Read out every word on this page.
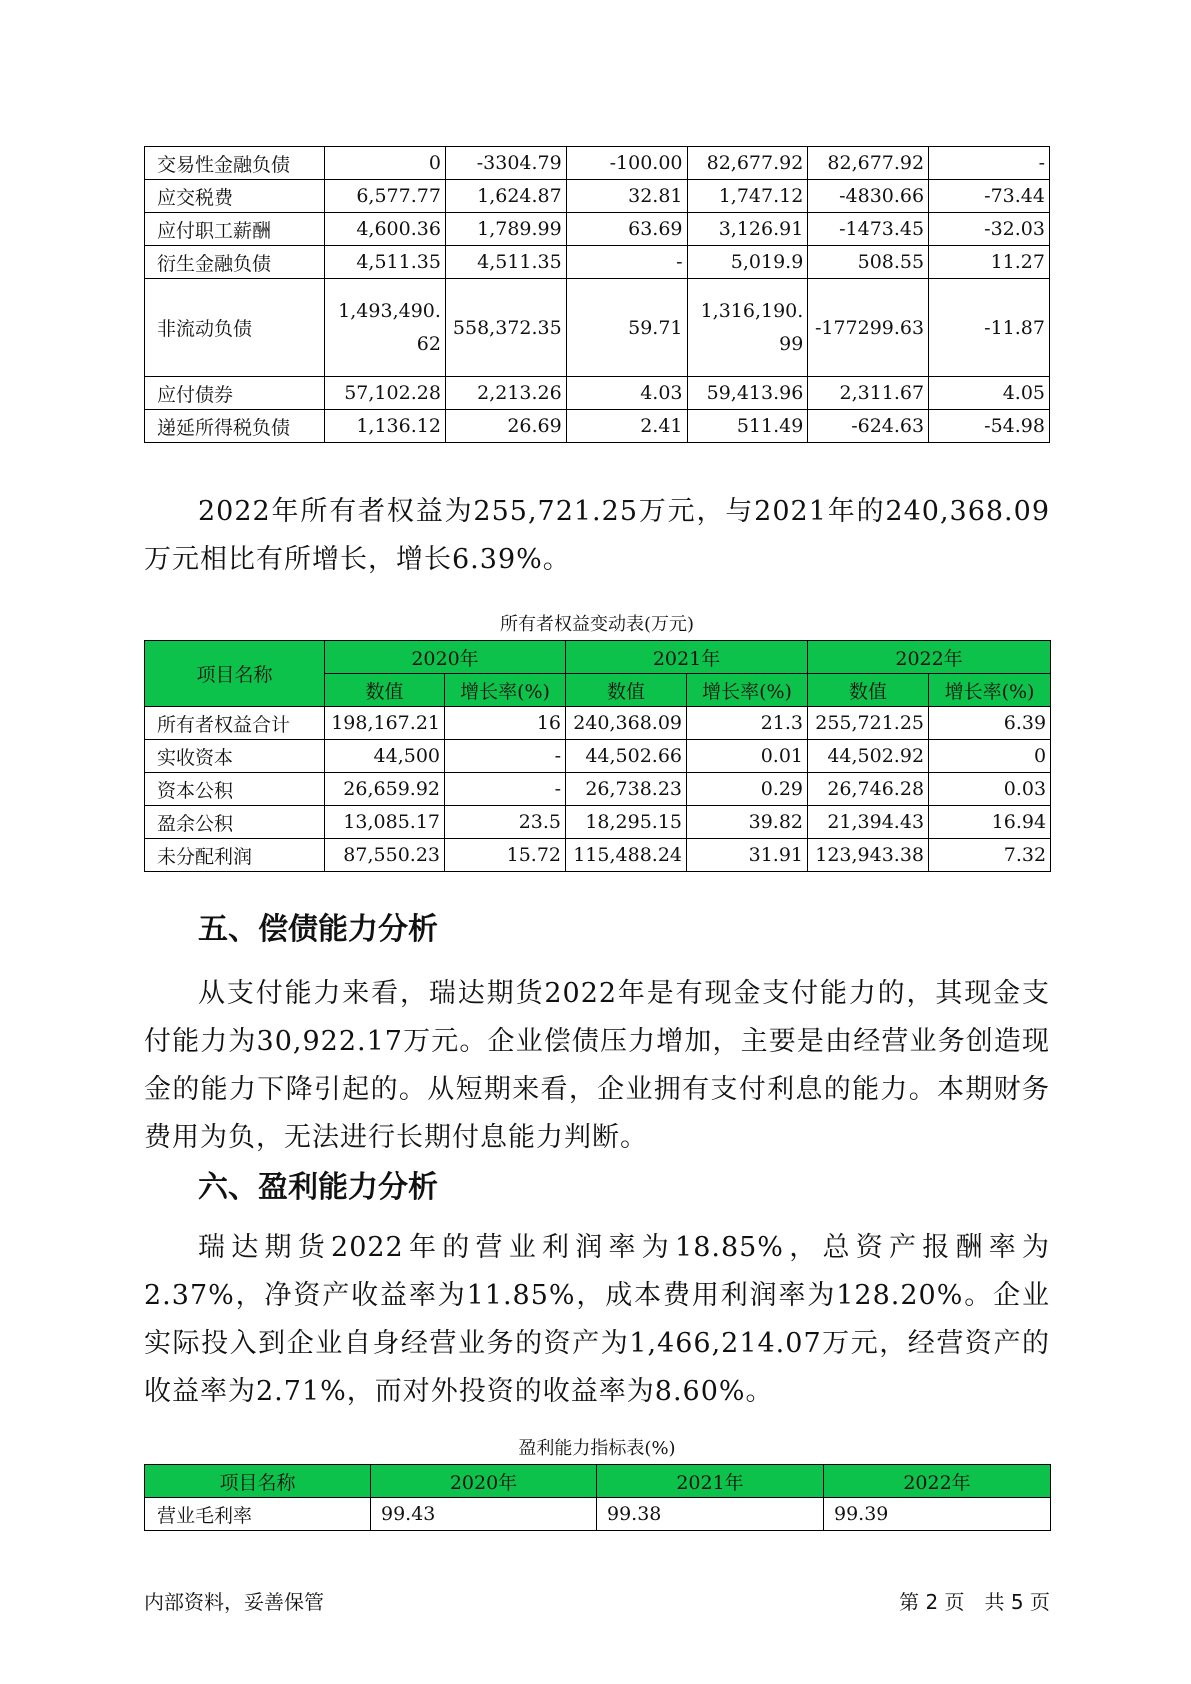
交易性金融负债	0	-3304.79	-100.00	82,677.92	82,677.92	-
应交税费	6,577.77	1,624.87	32.81	1,747.12	-4830.66	-73.44
应付职工薪酬	4,600.36	1,789.99	63.69	3,126.91	-1473.45	-32.03
衍生金融负债	4,511.35	4,511.35	-	5,019.9	508.55	11.27
非流动负债	1,493,490.62	558,372.35	59.71	1,316,190.99	-177299.63	-11.87
应付债券	57,102.28	2,213.26	4.03	59,413.96	2,311.67	4.05
递延所得税负债	1,136.12	26.69	2.41	511.49	-624.63	-54.98

2022年所有者权益为255,721.25万元，与2021年的240,368.09万元相比有所增长，增长6.39%。

所有者权益变动表(万元)
项目名称	2020年		2021年		2022年	
	数值	增长率(%)	数值	增长率(%)	数值	增长率(%)
所有者权益合计	198,167.21	16	240,368.09	21.3	255,721.25	6.39
实收资本	44,500	-	44,502.66	0.01	44,502.92	0
资本公积	26,659.92	-	26,738.23	0.29	26,746.28	0.03
盈余公积	13,085.17	23.5	18,295.15	39.82	21,394.43	16.94
未分配利润	87,550.23	15.72	115,488.24	31.91	123,943.38	7.32
五、偿债能力分析

从支付能力来看，瑞达期货2022年是有现金支付能力的，其现金支付能力为30,922.17万元。企业偿债压力增加，主要是由经营业务创造现金的能力下降引起的。从短期来看，企业拥有支付利息的能力。本期财务费用为负，无法进行长期付息能力判断。

六、盈利能力分析

瑞达期货2022年的营业利润率为18.85%，总资产报酬率为2.37%，净资产收益率为11.85%，成本费用利润率为128.20%。企业实际投入到企业自身经营业务的资产为1,466,214.07万元，经营资产的收益率为2.71%，而对外投资的收益率为8.60%。

盈利能力指标表(%)
项目名称	2020年	2021年	2022年
营业毛利率	99.43	99.38	99.39
内部资料，妥善保管	第 2 页　共 5 页
